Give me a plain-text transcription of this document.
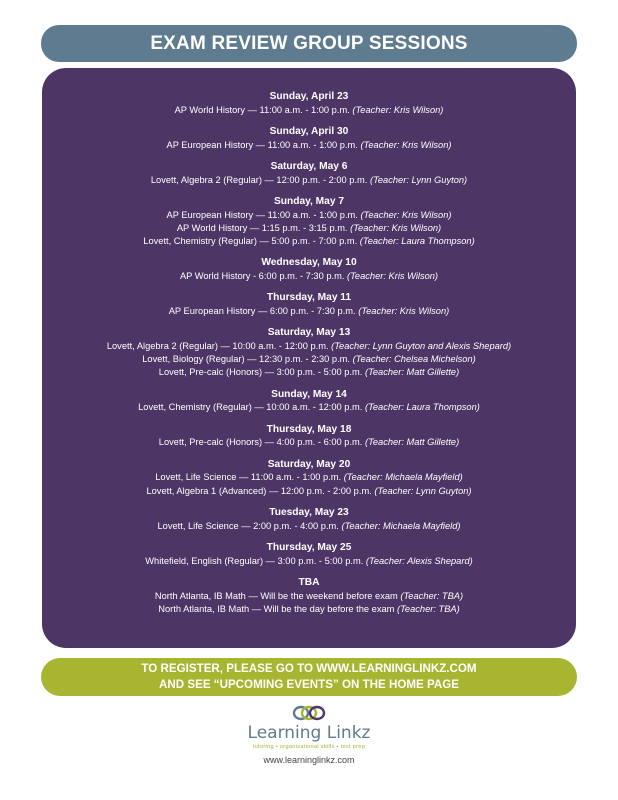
EXAM REVIEW GROUP SESSIONS
Sunday, April 23
AP World History — 11:00 a.m. - 1:00 p.m. (Teacher: Kris Wilson)
Sunday, April 30
AP European History — 11:00 a.m. - 1:00 p.m. (Teacher: Kris Wilson)
Saturday, May 6
Lovett, Algebra 2 (Regular) — 12:00 p.m. - 2:00 p.m. (Teacher: Lynn Guyton)
Sunday, May 7
AP European History — 11:00 a.m. - 1:00 p.m. (Teacher: Kris Wilson)
AP World History — 1:15 p.m. - 3:15 p.m. (Teacher: Kris Wilson)
Lovett, Chemistry (Regular) — 5:00 p.m. - 7:00 p.m. (Teacher: Laura Thompson)
Wednesday, May 10
AP World History - 6:00 p.m. - 7:30 p.m. (Teacher: Kris Wilson)
Thursday, May 11
AP European History — 6:00 p.m. - 7:30 p.m. (Teacher: Kris Wilson)
Saturday, May 13
Lovett, Algebra 2 (Regular) — 10:00 a.m. - 12:00 p.m. (Teacher: Lynn Guyton and Alexis Shepard)
Lovett, Biology (Regular) — 12:30 p.m. - 2:30 p.m. (Teacher: Chelsea Michelson)
Lovett, Pre-calc (Honors) — 3:00 p.m. - 5:00 p.m. (Teacher: Matt Gillette)
Sunday, May 14
Lovett, Chemistry (Regular) — 10:00 a.m. - 12:00 p.m. (Teacher: Laura Thompson)
Thursday, May 18
Lovett, Pre-calc (Honors) — 4:00 p.m. - 6:00 p.m. (Teacher: Matt Gillette)
Saturday, May 20
Lovett, Life Science — 11:00 a.m. - 1:00 p.m. (Teacher: Michaela Mayfield)
Lovett, Algebra 1 (Advanced) — 12:00 p.m. - 2:00 p.m. (Teacher: Lynn Guyton)
Tuesday, May 23
Lovett, Life Science — 2:00 p.m. - 4:00 p.m. (Teacher: Michaela Mayfield)
Thursday, May 25
Whitefield, English (Regular) — 3:00 p.m. - 5:00 p.m. (Teacher: Alexis Shepard)
TBA
North Atlanta, IB Math — Will be the weekend before exam (Teacher: TBA)
North Atlanta, IB Math — Will be the day before the exam (Teacher: TBA)
TO REGISTER, PLEASE GO TO WWW.LEARNINGLINKZ.COM
AND SEE “UPCOMING EVENTS” ON THE HOME PAGE
Learning Linkz
tutoring • organizational skills • test prep
www.learninglinkz.com
